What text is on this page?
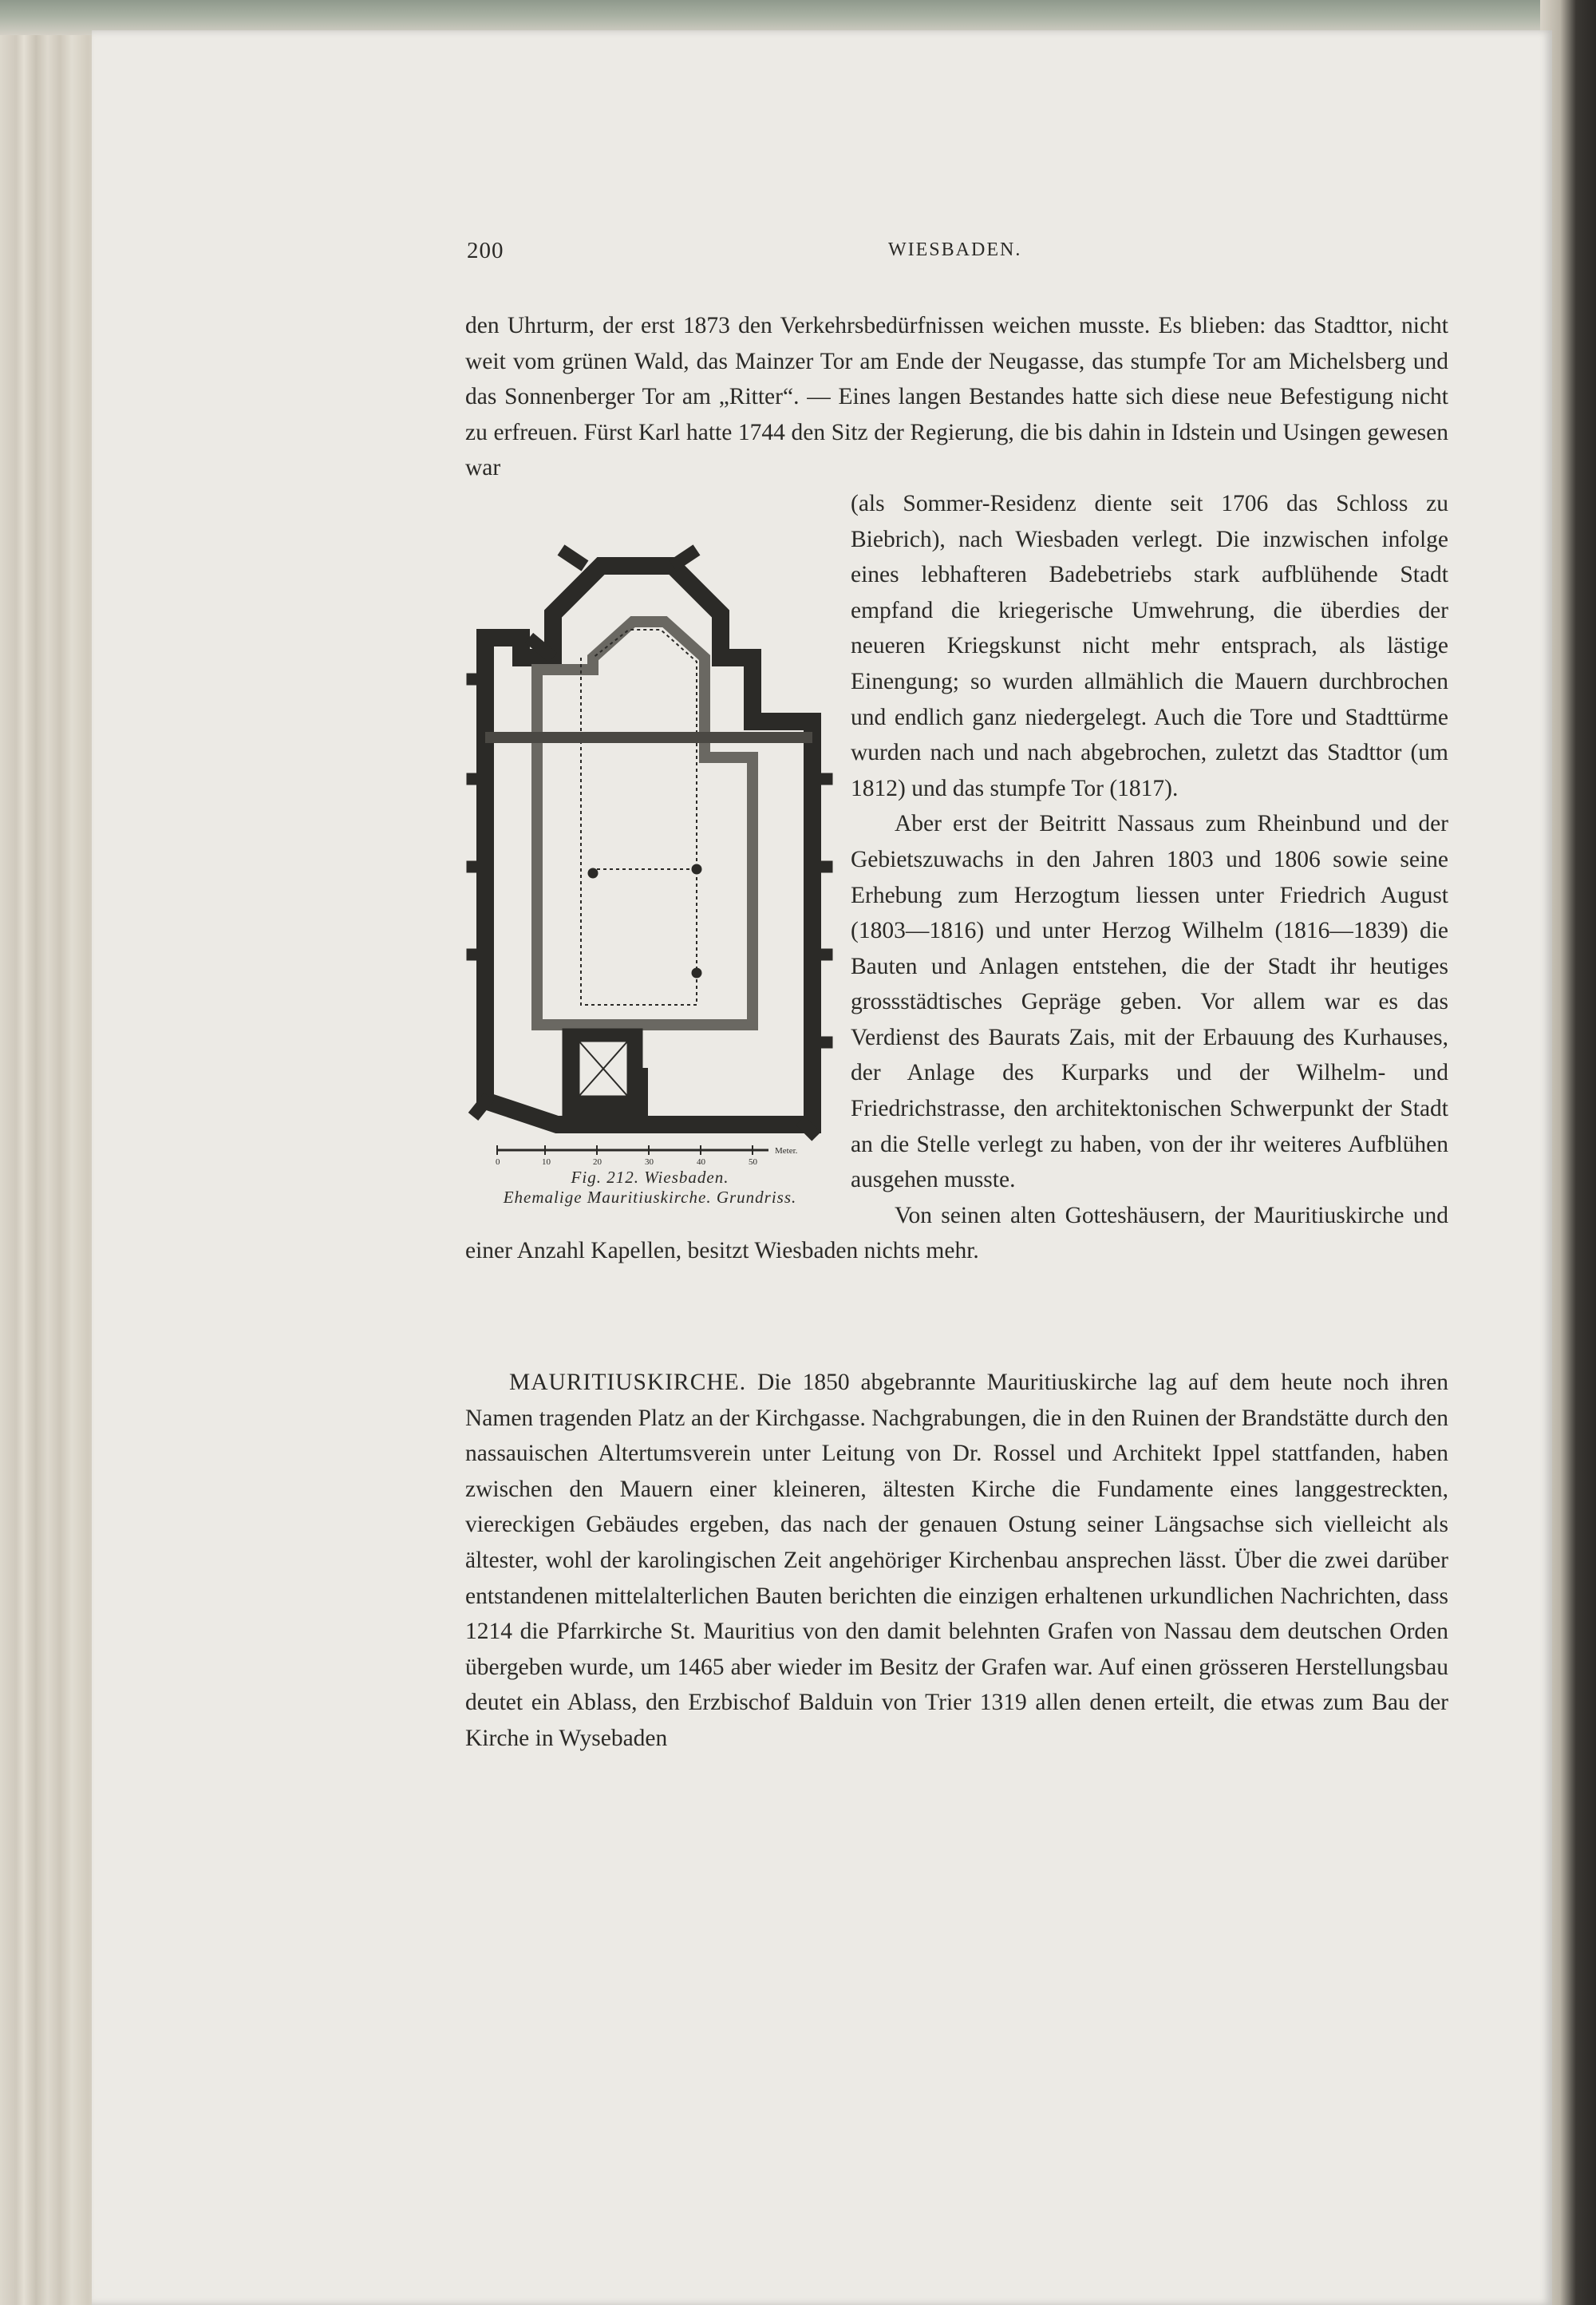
200	WIESBADEN.

den Uhrturm, der erst 1873 den Verkehrsbedürfnissen weichen musste. Es blieben: das Stadttor, nicht weit vom grünen Wald, das Mainzer Tor am Ende der Neugasse, das stumpfe Tor am Michelsberg und das Sonnenberger Tor am „Ritter“. — Eines langen Bestandes hatte sich diese neue Befestigung nicht zu erfreuen. Fürst Karl hatte 1744 den Sitz der Regierung, die bis dahin in Idstein und Usingen gewesen war

0	10	20	30	40	50
Meter.
Fig. 212. Wiesbaden.
Ehemalige Mauritiuskirche. Grundriss.

(als Sommer-Residenz diente seit 1706 das Schloss zu Biebrich), nach Wiesbaden verlegt. Die inzwischen infolge eines lebhafteren Badebetriebs stark aufblühende Stadt empfand die kriegerische Umwehrung, die überdies der neueren Kriegskunst nicht mehr entsprach, als lästige Einengung; so wurden allmählich die Mauern durchbrochen und endlich ganz niedergelegt. Auch die Tore und Stadttürme wurden nach und nach abgebrochen, zuletzt das Stadttor (um 1812) und das stumpfe Tor (1817).

Aber erst der Beitritt Nassaus zum Rheinbund und der Gebietszuwachs in den Jahren 1803 und 1806 sowie seine Erhebung zum Herzogtum liessen unter Friedrich August (1803—1816) und unter Herzog Wilhelm (1816—1839) die Bauten und Anlagen entstehen, die der Stadt ihr heutiges grossstädtisches Gepräge geben. Vor allem war es das Verdienst des Baurats Zais, mit der Erbauung des Kurhauses, der Anlage des Kurparks und der Wilhelm- und Friedrichstrasse, den architektonischen Schwerpunkt der Stadt an die Stelle verlegt zu haben, von der ihr weiteres Aufblühen ausgehen musste.

Von seinen alten Gotteshäusern, der Mauritiuskirche und einer Anzahl Kapellen, besitzt Wiesbaden nichts mehr.

MAURITIUSKIRCHE. Die 1850 abgebrannte Mauritiuskirche lag auf dem heute noch ihren Namen tragenden Platz an der Kirchgasse. Nachgrabungen, die in den Ruinen der Brandstätte durch den nassauischen Altertumsverein unter Leitung von Dr. Rossel und Architekt Ippel stattfanden, haben zwischen den Mauern einer kleineren, ältesten Kirche die Fundamente eines langgestreckten, viereckigen Gebäudes ergeben, das nach der genauen Ostung seiner Längsachse sich vielleicht als ältester, wohl der karolingischen Zeit angehöriger Kirchenbau ansprechen lässt. Über die zwei darüber entstandenen mittelalterlichen Bauten berichten die einzigen erhaltenen urkundlichen Nachrichten, dass 1214 die Pfarrkirche St. Mauritius von den damit belehnten Grafen von Nassau dem deutschen Orden übergeben wurde, um 1465 aber wieder im Besitz der Grafen war. Auf einen grösseren Herstellungsbau deutet ein Ablass, den Erzbischof Balduin von Trier 1319 allen denen erteilt, die etwas zum Bau der Kirche in Wysebaden
